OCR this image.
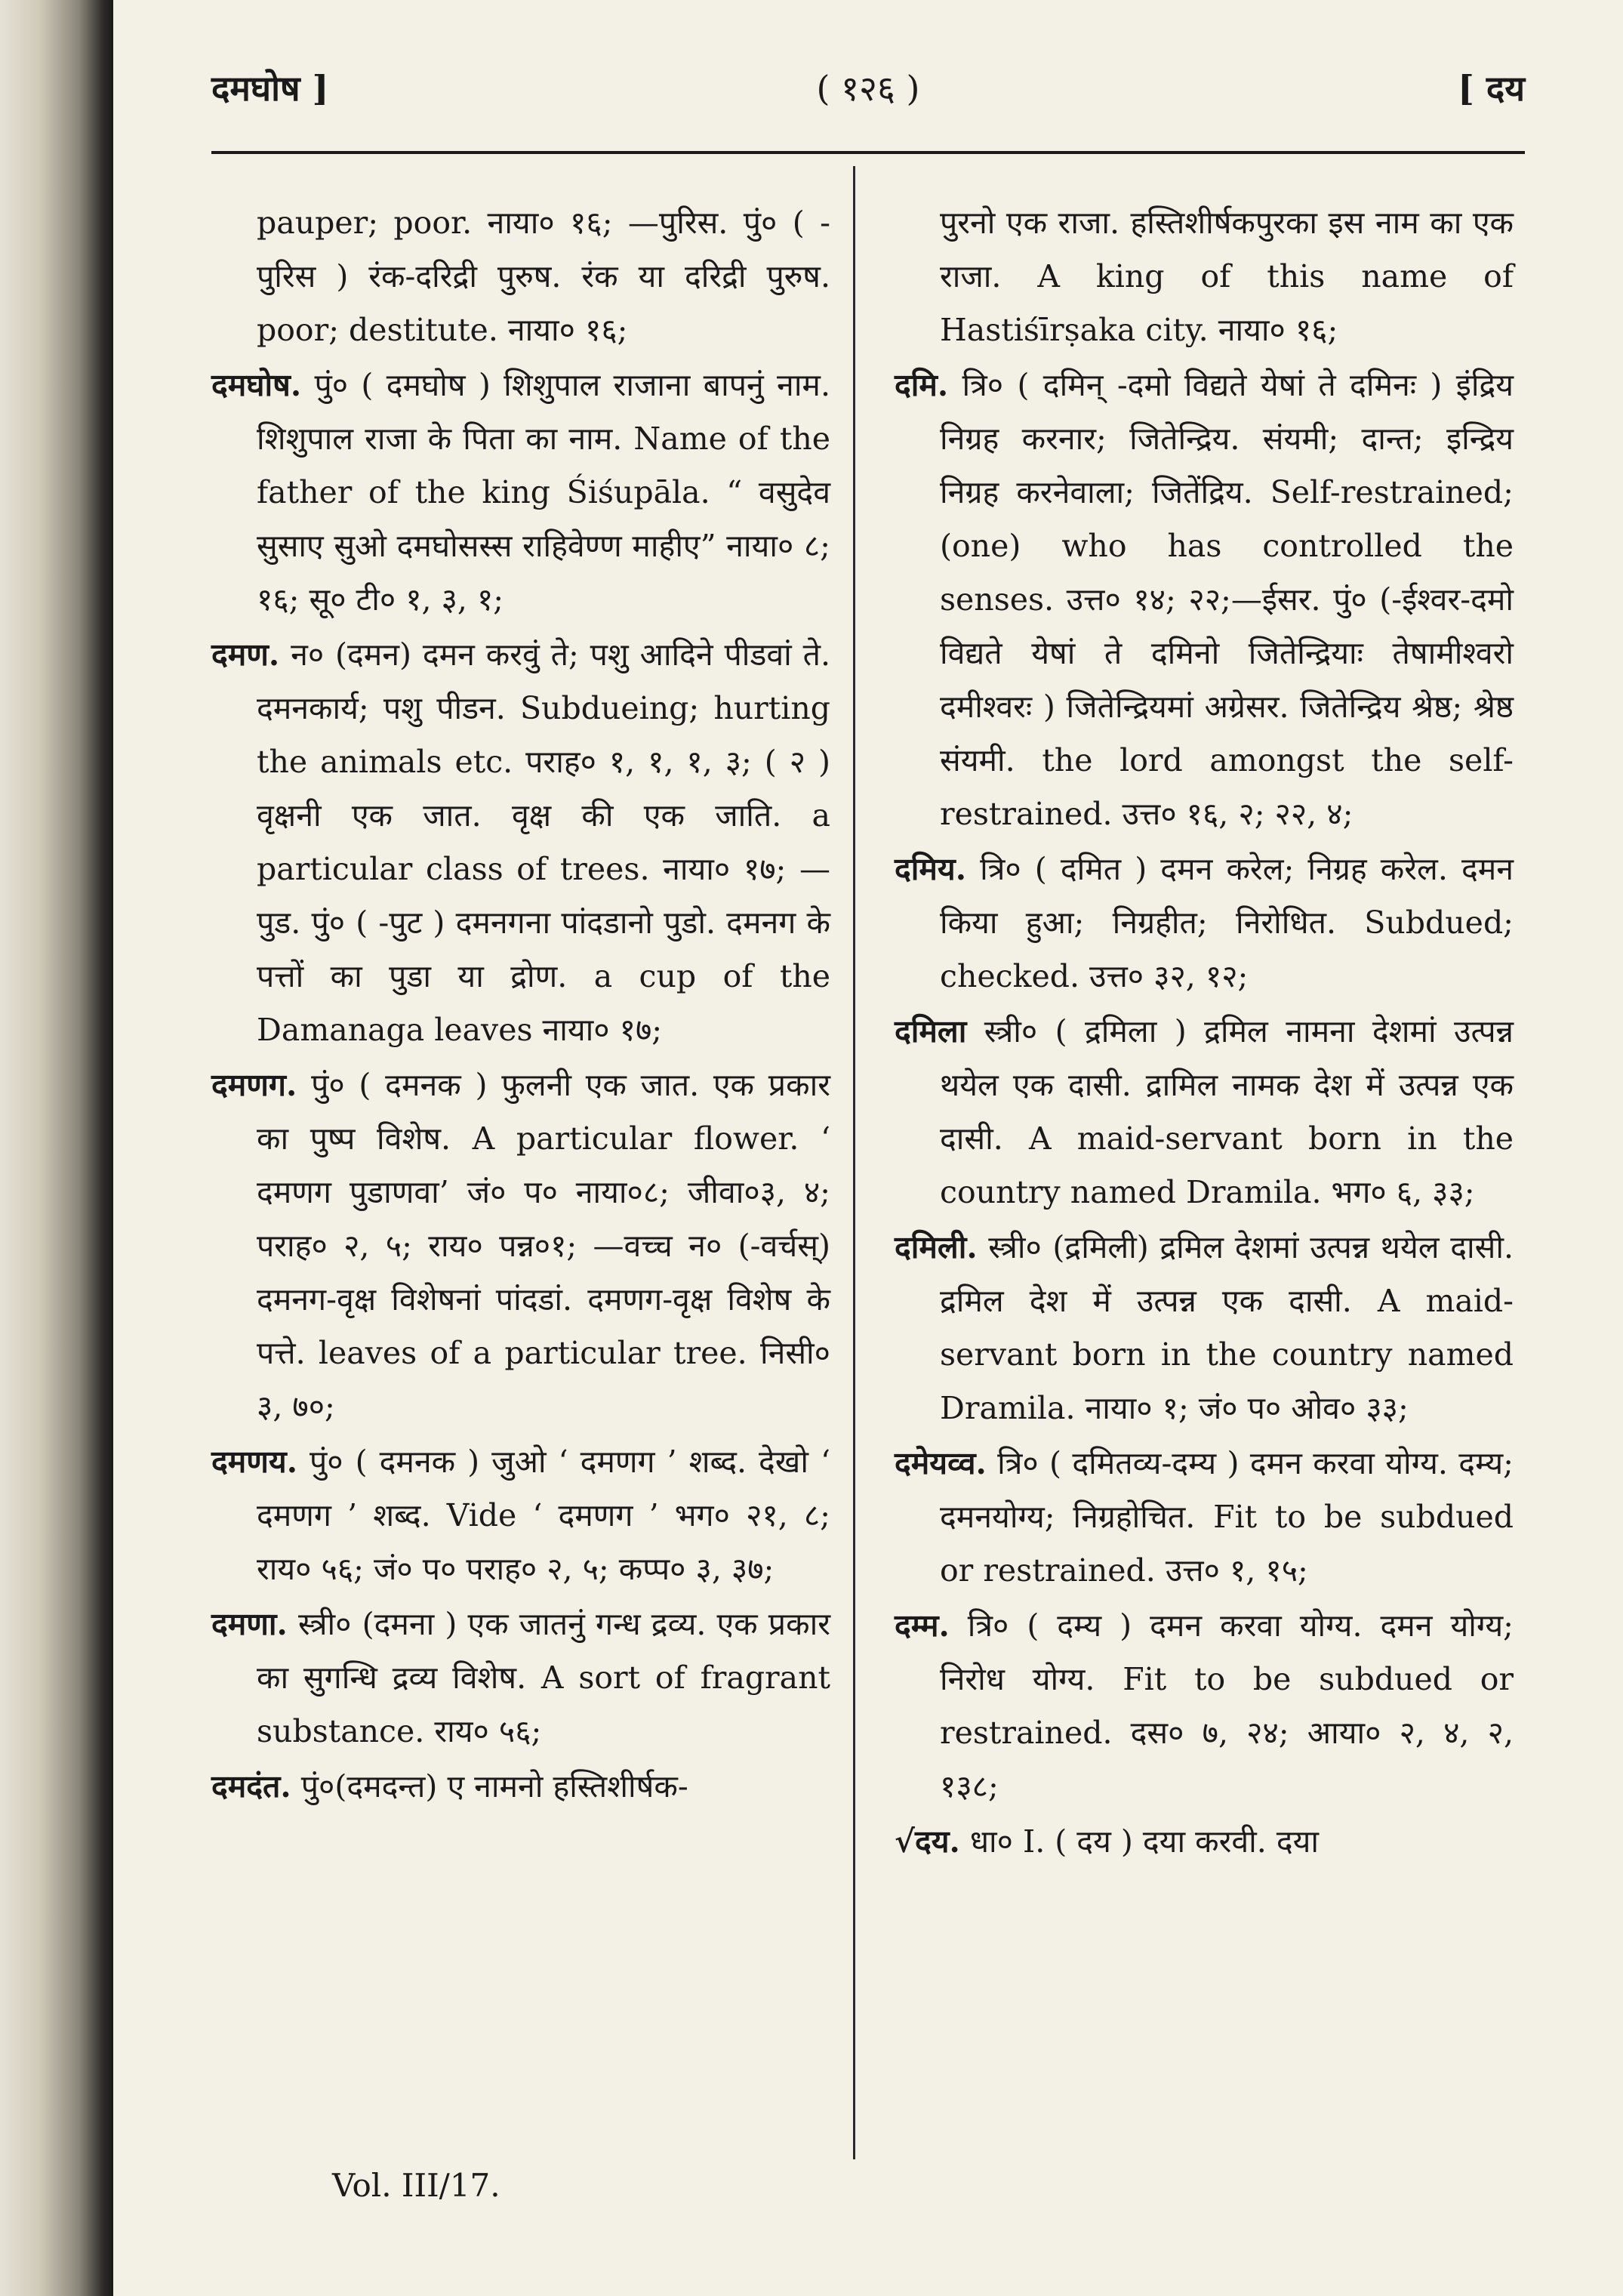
दमघोष ]	( १२६ )	[ दय

pauper; poor. नाया० १६; —पुरिस. पुं० ( -पुरिस ) रंक-दरिद्री पुरुष. रंक या दरिद्री पुरुष. poor; destitute. नाया० १६;

दमघोष. पुं० ( दमघोष ) शिशुपाल राजाना बापनुं नाम. शिशुपाल राजा के पिता का नाम. Name of the father of the king Śiśupāla. “ वसुदेव सुसाए सुओ दमघोसस्स राहिवेण्ण माहीए” नाया० ८; १६; सू० टी० १, ३, १;

दमण. न० (दमन) दमन करवुं ते; पशु आदिने पीडवां ते. दमनकार्य; पशु पीडन. Subdueing; hurting the animals etc. पराह० १, १, १, ३; ( २ ) वृक्षनी एक जात. वृक्ष की एक जाति. a particular class of trees. नाया० १७; —पुड. पुं० ( -पुट ) दमनगना पांदडानो पुडो. दमनग के पत्तों का पुडा या द्रोण. a cup of the Damanaga leaves नाया० १७;

दमणग. पुं० ( दमनक ) फुलनी एक जात. एक प्रकार का पुष्प विशेष. A particular flower. ‘ दमणग पुडाणवा’ जं० प० नाया०८; जीवा०३, ४; पराह० २, ५; राय० पन्न०१; —वच्च न० (-वर्चस्) दमनग-वृक्ष विशेषनां पांदडां. दमणग-वृक्ष विशेष के पत्ते. leaves of a particular tree. निसी० ३, ७०;

दमणय. पुं० ( दमनक ) जुओ ‘ दमणग ’ शब्द. देखो ‘ दमणग ’ शब्द. Vide ‘ दमणग ’ भग० २१, ८; राय० ५६; जं० प० पराह० २, ५; कप्प० ३, ३७;

दमणा. स्त्री० (दमना ) एक जातनुं गन्ध द्रव्य. एक प्रकार का सुगन्धि द्रव्य विशेष. A sort of fragrant substance. राय० ५६;

दमदंत. पुं०(दमदन्त) ए नामनो हस्तिशीर्षक-

पुरनो एक राजा. हस्तिशीर्षकपुरका इस नाम का एक राजा. A king of this name of Hastiśīrṣaka city. नाया० १६;

दमि. त्रि० ( दमिन् -दमो विद्यते येषां ते दमिनः ) इंद्रिय निग्रह करनार; जितेन्द्रिय. संयमी; दान्त; इन्द्रिय निग्रह करनेवाला; जितेंद्रिय. Self-restrained; (one) who has controlled the senses. उत्त० १४; २२;—ईसर. पुं० (-ईश्वर-दमो विद्यते येषां ते दमिनो जितेन्द्रियाः तेषामीश्वरो दमीश्वरः ) जितेन्द्रियमां अग्रेसर. जितेन्द्रिय श्रेष्ठ; श्रेष्ठ संयमी. the lord amongst the self-restrained. उत्त० १६, २; २२, ४;

दमिय. त्रि० ( दमित ) दमन करेल; निग्रह करेल. दमन किया हुआ; निग्रहीत; निरोधित. Subdued; checked. उत्त० ३२, १२;

दमिला स्त्री० ( द्रमिला ) द्रमिल नामना देशमां उत्पन्न थयेल एक दासी. द्रामिल नामक देश में उत्पन्न एक दासी. A maid-servant born in the country named Dramila. भग० ६, ३३;

दमिली. स्त्री० (द्रमिली) द्रमिल देशमां उत्पन्न थयेल दासी. द्रमिल देश में उत्पन्न एक दासी. A maid-servant born in the country named Dramila. नाया० १; जं० प० ओव० ३३;

दमेयव्व. त्रि० ( दमितव्य-दम्य ) दमन करवा योग्य. दम्य; दमनयोग्य; निग्रहोचित. Fit to be subdued or restrained. उत्त० १, १५;

दम्म. त्रि० ( दम्य ) दमन करवा योग्य. दमन योग्य; निरोध योग्य. Fit to be subdued or restrained. दस० ७, २४; आया० २, ४, २, १३८;

√दय. धा० I. ( दय ) दया करवी. दया

Vol. III/17.
